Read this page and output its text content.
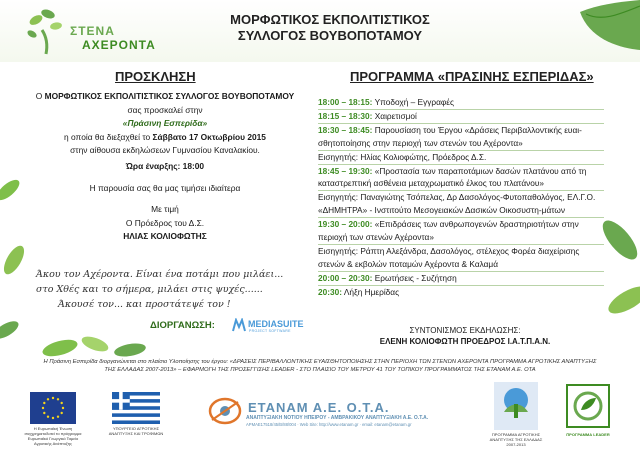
ΣΤΕΝΑ
ΑΧΕΡΟΝΤΑ
ΜΟΡΦΩΤΙΚΟΣ ΕΚΠΟΛΙΤΙΣΤΙΚΟΣ
ΣΥΛΛΟΓΟΣ ΒΟΥΒΟΠΟΤΑΜΟΥ
ΠΡΟΣΚΛΗΣΗ
Ο ΜΟΡΦΩΤΙΚΟΣ ΕΚΠΟΛΙΤΙΣΤΙΚΟΣ ΣΥΛΛΟΓΟΣ ΒΟΥΒΟΠΟΤΑΜΟΥ
σας προσκαλεί στην
«Πράσινη Εσπερίδα»
η οποία θα διεξαχθεί το Σάββατο 17 Οκτωβρίου 2015
στην αίθουσα εκδηλώσεων Γυμνασίου Καναλακίου.
Ώρα έναρξης: 18:00
Η παρουσία σας θα μας τιμήσει ιδιαίτερα
Με τιμή
Ο Πρόεδρος του Δ.Σ.
ΗΛΙΑΣ ΚΟΛΙΟΦΩΤΗΣ
Άκου τον Αχέροντα. Είναι ένα ποτάμι που μιλάει...
στο Χθές και το σήμερα, μιλάει στις ψυχές......
Άκουσέ τον... και προστάτεψέ τον !
ΔΙΟΡΓΑΝΩΣΗ:	MEDIASUITE
PROJECT SOFTWARE
ΠΡΟΓΡΑΜΜΑ «ΠΡΑΣΙΝΗΣ ΕΣΠΕΡΙΔΑΣ»
18:00 – 18:15: Υποδοχή – Εγγραφές
18:15 – 18:30: Χαιρετισμοί
18:30 – 18:45: Παρουσίαση του Έργου «Δράσεις Περιβαλλοντικής ευαι-σθητοποίησης στην περιοχή των στενών του Αχέροντα»
Εισηγητής: Ηλίας Κολιοφώτης, Πρόεδρος Δ.Σ.
18:45 – 19:30: «Προστασία των παραποτάμιων δασών πλατάνου από τη καταστρεπτική ασθένεια μεταχρωματικό έλκος του πλατάνου»
Εισηγητής: Παναγιώτης Τσόπελας, Δρ Δασολόγος-Φυτοπαθολόγος, ΕΛ.Γ.Ο. «ΔΗΜΗΤΡΑ» - Ινστιτούτο Μεσογειακών Δασικών Οικοσυστη-μάτων
19:30 – 20:00: «Επιδράσεις των ανθρωπογενών δραστηριοτήτων στην περιοχή των στενών Αχέροντα»
Εισηγητής: Ράπτη Αλεξάνδρα, Δασολόγος, στέλεχος Φορέα διαχείρισης στενών & εκβολών ποταμών Αχέροντα & Καλαμά
20:00 – 20:30: Ερωτήσεις - Συζήτηση
20:30: Λήξη Ημερίδας
ΣΥΝΤΟΝΙΣΜΟΣ ΕΚΔΗΛΩΣΗΣ:
ΕΛΕΝΗ ΚΟΛΙΟΦΩΤΗ ΠΡΟΕΔΡΟΣ Ι.Α.Τ.Π.Α.Ν.
Η Πράσινη Εσπερίδα διοργανώνεται στο πλαίσιο Υλοποίησης του έργου: «ΔΡΑΣΕΙΣ ΠΕΡΙΒΑΛΛΟΝΤΙΚΗΣ ΕΥΑΙΣΘΗΤΟΠΟΙΗΣΗΣ ΣΤΗΝ ΠΕΡΙΟΧΗ ΤΩΝ ΣΤΕΝΩΝ ΑΧΕΡΟΝΤΑ ΠΡΟΓΡΑΜΜΑ ΑΓΡΟΤΙΚΗΣ ΑΝΑΠΤΥΞΗΣ
ΤΗΣ ΕΛΛΑΔΑΣ 2007-2013» – ΕΦΑΡΜΟΓΗ ΤΗΣ ΠΡΟΣΕΓΓΙΣΗΣ LEADER - ΣΤΟ ΠΛΑΙΣΙΟ ΤΟΥ ΜΕΤΡΟΥ 41 ΤΟΥ ΤΟΠΙΚΟΥ ΠΡΟΓΡΑΜΜΑΤΟΣ ΤΗΣ ΕΤΑΝΑΜ Α.Ε. ΟΤΑ
Η Ευρωπαϊκή Ένωση συγχρηματοδοτεί το πρόγραμμα Ευρωπαϊκό Γεωργικό Ταμείο Αγροτικής Ανάπτυξης
ΥΠΟΥΡΓΕΙΟ ΑΓΡΟΤΙΚΗΣ ΑΝΑΠΤΥΞΗΣ ΚΑΙ ΤΡΟΦΙΜΩΝ
ΕΤΑΝΑΜ Α.Ε. Ο.Τ.Α.
ΑΝΑΠΤΥΞΙΑΚΗ ΝΟΤΙΟΥ ΗΠΕΙΡΟΥ - ΑΜΒΡΑΚΙΚΟΥ ΑΝΑΠΤΥΞΙΑΚΗ Α.Ε. Ο.Τ.Α.
ΑΡΜΑΕ17518/45/B/88/004 · Web Site: http://www.etanam.gr · email: etanam@etanam.gr
ΠΡΟΓΡΑΜΜΑ ΑΓΡΟΤΙΚΗΣ ΑΝΑΠΤΥΞΗΣ ΤΗΣ ΕΛΛΑΔΑΣ 2007-2013
ΠΡΟΓΡΑΜΜΑ LEADER
